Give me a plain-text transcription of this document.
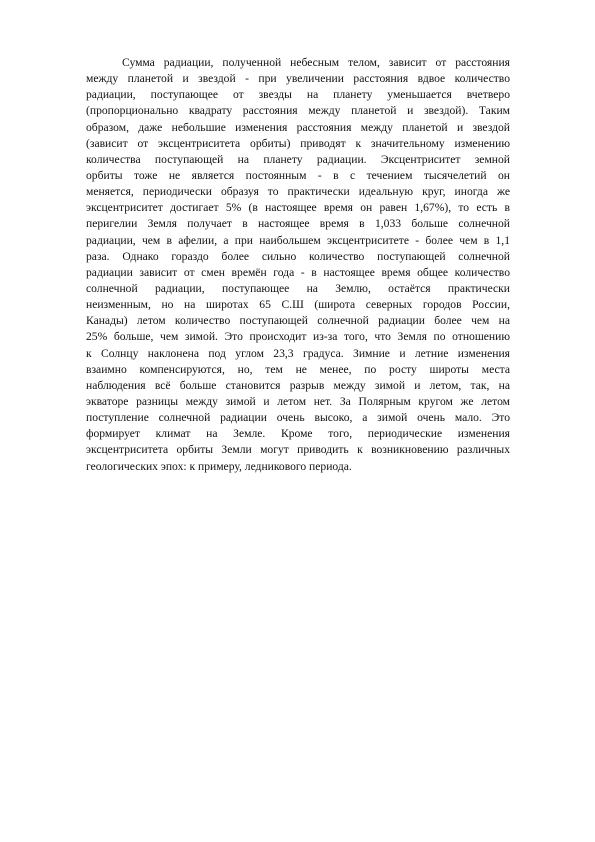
Сумма радиации, полученной небесным телом, зависит от расстояния
между планетой и звездой - при увеличении расстояния вдвое количество
радиации, поступающее от звезды на планету уменьшается вчетверо
(пропорционально квадрату расстояния между планетой и звездой). Таким
образом, даже небольшие изменения расстояния между планетой и звездой
(зависит от эксцентриситета орбиты) приводят к значительному изменению
количества поступающей на планету радиации. Эксцентриситет земной
орбиты тоже не является постоянным - в с течением тысячелетий он
меняется, периодически образуя то практически идеальную круг, иногда же
эксцентриситет достигает 5% (в настоящее время он равен 1,67%), то есть в
перигелии Земля получает в настоящее время в 1,033 больше солнечной
радиации, чем в афелии, а при наибольшем эксцентриситете - более чем в 1,1
раза. Однако гораздо более сильно количество поступающей солнечной
радиации зависит от смен времён года - в настоящее время общее количество
солнечной радиации, поступающее на Землю, остаётся практически
неизменным, но на широтах 65 С.Ш (широта северных городов России,
Канады) летом количество поступающей солнечной радиации более чем на
25% больше, чем зимой. Это происходит из-за того, что Земля по отношению
к Солнцу наклонена под углом 23,3 градуса. Зимние и летние изменения
взаимно компенсируются, но, тем не менее, по росту широты места
наблюдения всё больше становится разрыв между зимой и летом, так, на
экваторе разницы между зимой и летом нет. За Полярным кругом же летом
поступление солнечной радиации очень высоко, а зимой очень мало. Это
формирует климат на Земле. Кроме того, периодические изменения
эксцентриситета орбиты Земли могут приводить к возникновению различных
геологических эпох: к примеру, ледникового периода.
